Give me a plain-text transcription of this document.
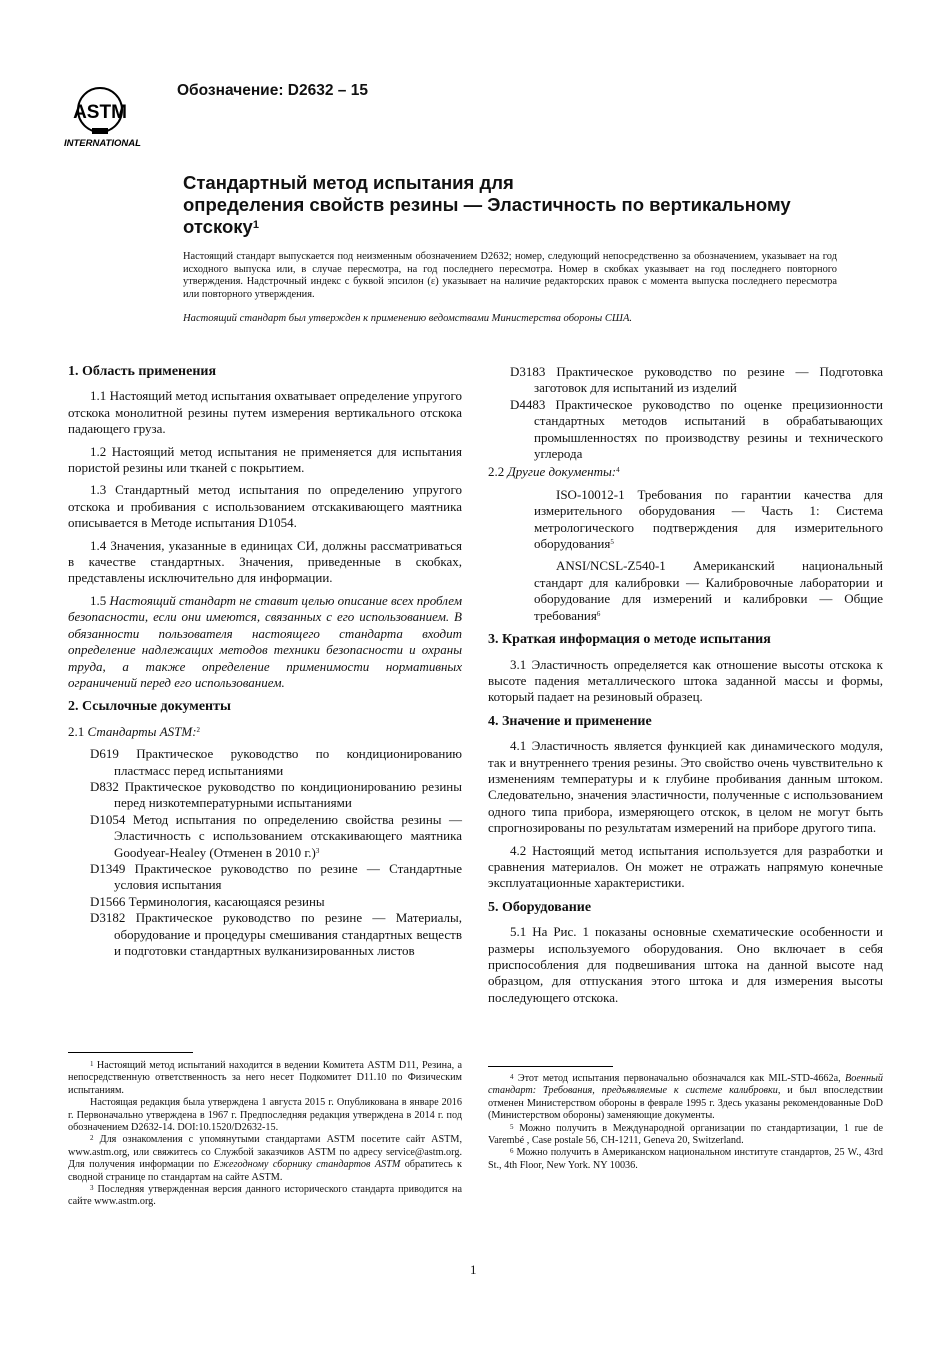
ASTM
INTERNATIONAL
Обозначение: D2632 – 15
Стандартный метод испытания для
определения свойств резины — Эластичность по вертикальному
отскоку$^1$
Настоящий стандарт выпускается под неизменным обозначением D2632; номер, следующий непосредственно за обозначением, указывает на год исходного выпуска или, в случае пересмотра, на год последнего пересмотра. Номер в скобках указывает на год последнего повторного утверждения. Надстрочный индекс с буквой эпсилон (ε) указывает на наличие редакторских правок с момента выпуска последнего пересмотра или повторного утверждения.
Настоящий стандарт был утвержден к применению ведомствами Министерства обороны США.
1. Область применения

1.1 Настоящий метод испытания охватывает определение упругого отскока монолитной резины путем измерения вертикального отскока падающего груза.

1.2 Настоящий метод испытания не применяется для испытания пористой резины или тканей с покрытием.

1.3 Стандартный метод испытания по определению упругого отскока и пробивания с использованием отскакивающего маятника описывается в Методе испытания D1054.

1.4 Значения, указанные в единицах СИ, должны рассматриваться в качестве стандартных. Значения, приведенные в скобках, представлены исключительно для информации.

1.5 Настоящий стандарт не ставит целью описание всех проблем безопасности, если они имеются, связанных с его использованием. В обязанности пользователя настоящего стандарта входит определение надлежащих методов техники безопасности и охраны труда, а также определение применимости нормативных ограничений перед его использованием.

2. Ссылочные документы

2.1 Стандарты ASTM:$^2$

D619 Практическое руководство по кондиционированию пластмасс перед испытаниями
D832 Практическое руководство по кондиционированию резины перед низкотемпературными испытаниями
D1054 Метод испытания по определению свойства резины — Эластичность с использованием отскакивающего маятника Goodyear-Healey (Отменен в 2010 г.)$^3$
D1349 Практическое руководство по резине — Стандартные условия испытания
D1566 Терминология, касающаяся резины
D3182 Практическое руководство по резине — Материалы, оборудование и процедуры смешивания стандартных веществ и подготовки стандартных вулканизированных листов
D3183 Практическое руководство по резине — Подготовка заготовок для испытаний из изделий
D4483 Практическое руководство по оценке прецизионности стандартных методов испытаний в обрабатывающих промышленностях по производству резины и технического углерода

2.2 Другие документы:$^4$

ISO-10012-1 Требования по гарантии качества для измерительного оборудования — Часть 1: Система метрологического подтверждения для измерительного оборудования$^5$

ANSI/NCSL-Z540-1 Американский национальный стандарт для калибровки — Калибровочные лаборатории и оборудование для измерений и калибровки — Общие требования$^6$

3. Краткая информация о методе испытания

3.1 Эластичность определяется как отношение высоты отскока к высоте падения металлического штока заданной массы и формы, который падает на резиновый образец.

4. Значение и применение

4.1 Эластичность является функцией как динамического модуля, так и внутреннего трения резины. Это свойство очень чувствительно к изменениям температуры и к глубине пробивания данным штоком. Следовательно, значения эластичности, полученные с использованием одного типа прибора, измеряющего отскок, в целом не могут быть спрогнозированы по результатам измерений на приборе другого типа.

4.2 Настоящий метод испытания используется для разработки и сравнения материалов. Он может не отражать напрямую конечные эксплуатационные характеристики.

5. Оборудование

5.1 На Рис. 1 показаны основные схематические особенности и размеры используемого оборудования. Оно включает в себя приспособления для подвешивания штока на данной высоте над образцом, для отпускания этого штока и для измерения высоты последующего отскока.

$^1$ Настоящий метод испытаний находится в ведении Комитета ASTM D11, Резина, а непосредственную ответственность за него несет Подкомитет D11.10 по Физическим испытаниям.

Настоящая редакция была утверждена 1 августа 2015 г. Опубликована в январе 2016 г. Первоначально утверждена в 1967 г. Предпоследняя редакция утверждена в 2014 г. под обозначением D2632-14. DOI:10.1520/D2632-15.

$^2$ Для ознакомления с упомянутыми стандартами ASTM посетите сайт ASTM, www.astm.org, или свяжитесь со Службой заказчиков ASTM по адресу service@astm.org. Для получения информации по Ежегодному сборнику стандартов ASTM обратитесь к сводной странице по стандартам на сайте ASTM.

$^3$ Последняя утвержденная версия данного исторического стандарта приводится на сайте www.astm.org.

$^4$ Этот метод испытания первоначально обозначался как MIL-STD-4662a, Военный стандарт: Требования, предъявляемые к системе калибровки, и был впоследствии отменен Министерством обороны в феврале 1995 г. Здесь указаны рекомендованные DoD (Министерством обороны) заменяющие документы.

$^5$ Можно получить в Международной организации по стандартизации, 1 rue de Varembé , Case postale 56, CH-1211, Geneva 20, Switzerland.

$^6$ Можно получить в Американском национальном институте стандартов, 25 W., 43rd St., 4th Floor, New York. NY 10036.

1
